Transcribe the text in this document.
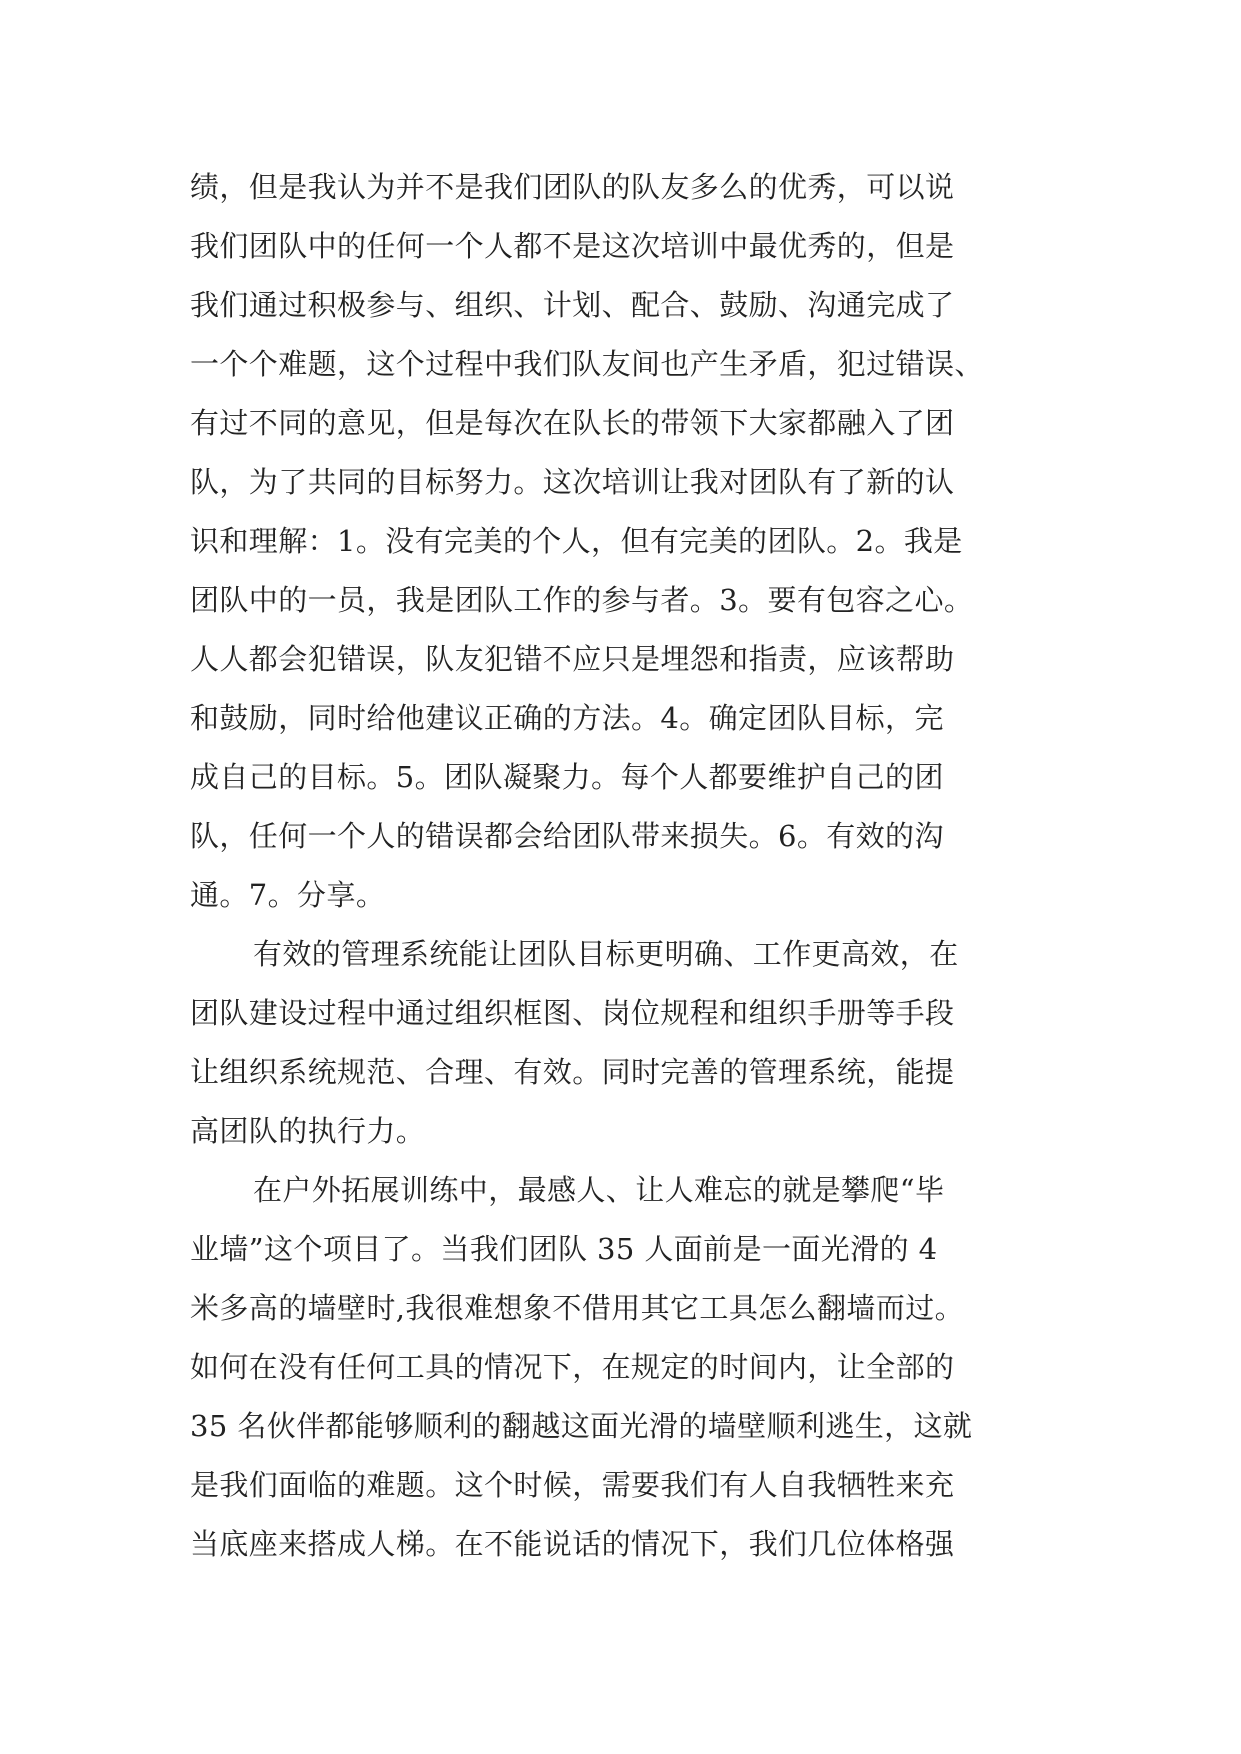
绩，但是我认为并不是我们团队的队友多么的优秀，可以说
我们团队中的任何一个人都不是这次培训中最优秀的，但是
我们通过积极参与、组织、计划、配合、鼓励、沟通完成了
一个个难题，这个过程中我们队友间也产生矛盾，犯过错误、
有过不同的意见，但是每次在队长的带领下大家都融入了团
队，为了共同的目标努力。这次培训让我对团队有了新的认
识和理解：1。没有完美的个人，但有完美的团队。2。我是
团队中的一员，我是团队工作的参与者。3。要有包容之心。
人人都会犯错误，队友犯错不应只是埋怨和指责，应该帮助
和鼓励，同时给他建议正确的方法。4。确定团队目标，完
成自己的目标。5。团队凝聚力。每个人都要维护自己的团
队，任何一个人的错误都会给团队带来损失。6。有效的沟
通。7。分享。
有效的管理系统能让团队目标更明确、工作更高效，在
团队建设过程中通过组织框图、岗位规程和组织手册等手段
让组织系统规范、合理、有效。同时完善的管理系统，能提
高团队的执行力。
在户外拓展训练中，最感人、让人难忘的就是攀爬“毕
业墙”这个项目了。当我们团队 35 人面前是一面光滑的 4
米多高的墙壁时,我很难想象不借用其它工具怎么翻墙而过。
如何在没有任何工具的情况下，在规定的时间内，让全部的
35 名伙伴都能够顺利的翻越这面光滑的墙壁顺利逃生，这就
是我们面临的难题。这个时候，需要我们有人自我牺牲来充
当底座来搭成人梯。在不能说话的情况下，我们几位体格强
